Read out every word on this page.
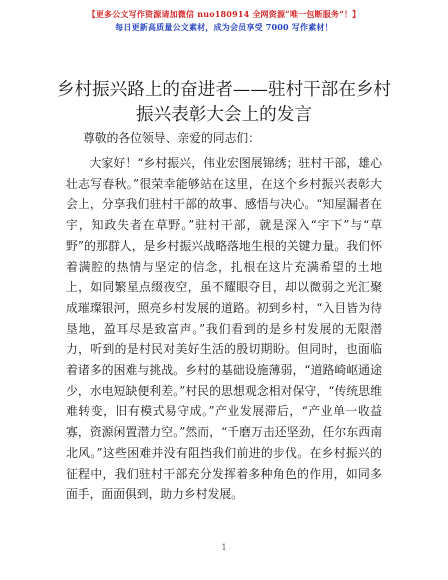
【更多公文写作资源请加微信 nuo180914 全网资源“唯一包断服务”！】
每日更新高质量公文素材，成为会员享受 7000 写作素材！
乡村振兴路上的奋进者——驻村干部在乡村振兴表彰大会上的发言
尊敬的各位领导、亲爱的同志们：

大家好！“乡村振兴，伟业宏图展锦绣；驻村干部，雄心壮志写春秋。”很荣幸能够站在这里，在这个乡村振兴表彰大会上，分享我们驻村干部的故事、感悟与决心。“知屋漏者在宇，知政失者在草野。”驻村干部，就是深入“宇下”与“草野”的那群人，是乡村振兴战略落地生根的关键力量。我们怀着满腔的热情与坚定的信念，扎根在这片充满希望的土地上，如同繁星点缀夜空，虽不耀眼夺目，却以微弱之光汇聚成璀璨银河，照亮乡村发展的道路。初到乡村，“入目皆为待垦地，盈耳尽是致富声。”我们看到的是乡村发展的无限潜力，听到的是村民对美好生活的殷切期盼。但同时，也面临着诸多的困难与挑战。乡村的基础设施薄弱，“道路崎岖通途少，水电短缺便利差。”村民的思想观念相对保守，“传统思维难转变，旧有模式易守成。”产业发展滞后，“产业单一收益寡，资源闲置潜力空。”然而，“千磨万击还坚劲，任尔东西南北风。”这些困难并没有阻挡我们前进的步伐。在乡村振兴的征程中，我们驻村干部充分发挥着多种角色的作用，如同多面手，面面俱到，助力乡村发展。

1
